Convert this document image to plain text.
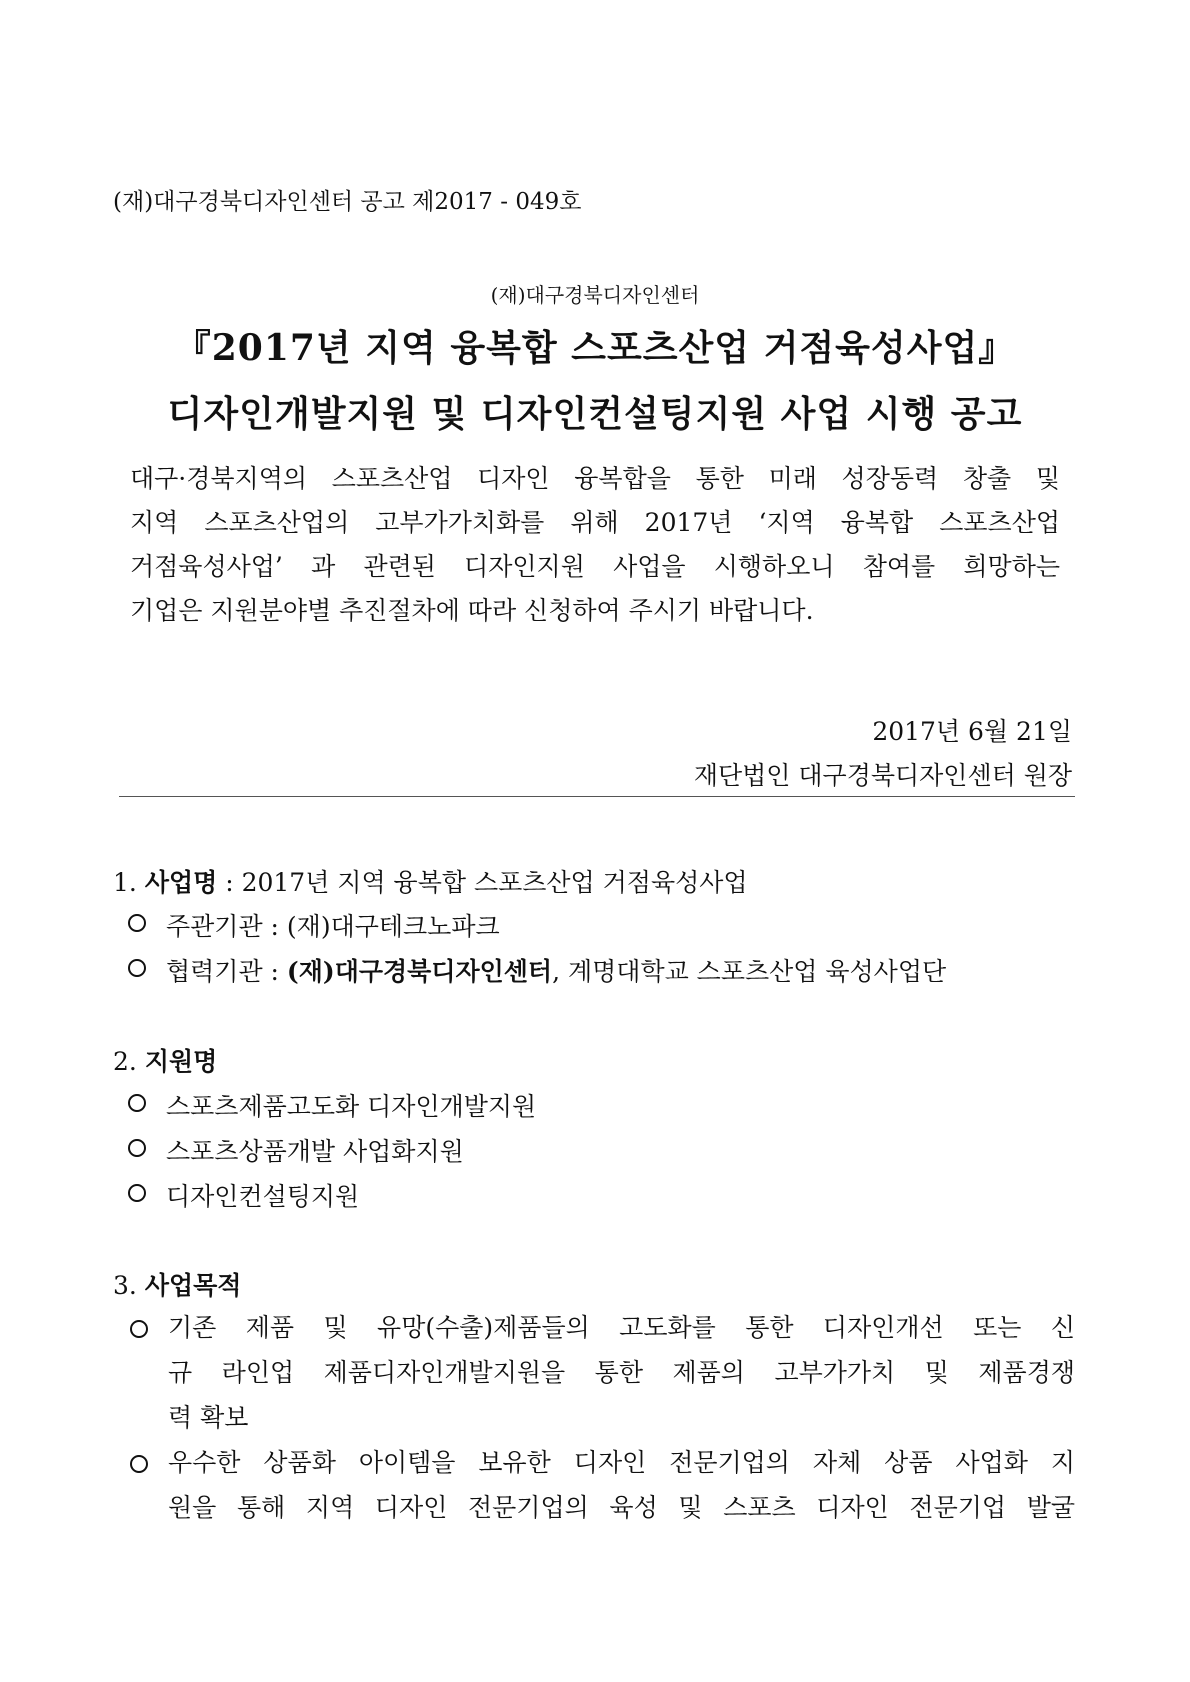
(재)대구경북디자인센터 공고 제2017 - 049호
(재)대구경북디자인센터
『2017년 지역 융복합 스포츠산업 거점육성사업』
디자인개발지원 및 디자인컨설팅지원 사업 시행 공고
대구·경북지역의 스포츠산업 디자인 융복합을 통한 미래 성장동력 창출 및
지역 스포츠산업의 고부가가치화를 위해 2017년 ‘지역 융복합 스포츠산업
거점육성사업’ 과 관련된 디자인지원 사업을 시행하오니 참여를 희망하는
기업은 지원분야별 추진절차에 따라 신청하여 주시기 바랍니다.
2017년 6월 21일
재단법인 대구경북디자인센터 원장
1. 사업명 : 2017년 지역 융복합 스포츠산업 거점육성사업
주관기관 : (재)대구테크노파크
협력기관 : (재)대구경북디자인센터, 계명대학교 스포츠산업 육성사업단
2. 지원명
스포츠제품고도화 디자인개발지원
스포츠상품개발 사업화지원
디자인컨설팅지원
3. 사업목적
기존 제품 및 유망(수출)제품들의 고도화를 통한 디자인개선 또는 신
규 라인업 제품디자인개발지원을 통한 제품의 고부가가치 및 제품경쟁
력 확보
우수한 상품화 아이템을 보유한 디자인 전문기업의 자체 상품 사업화 지
원을 통해 지역 디자인 전문기업의 육성 및 스포츠 디자인 전문기업 발굴
